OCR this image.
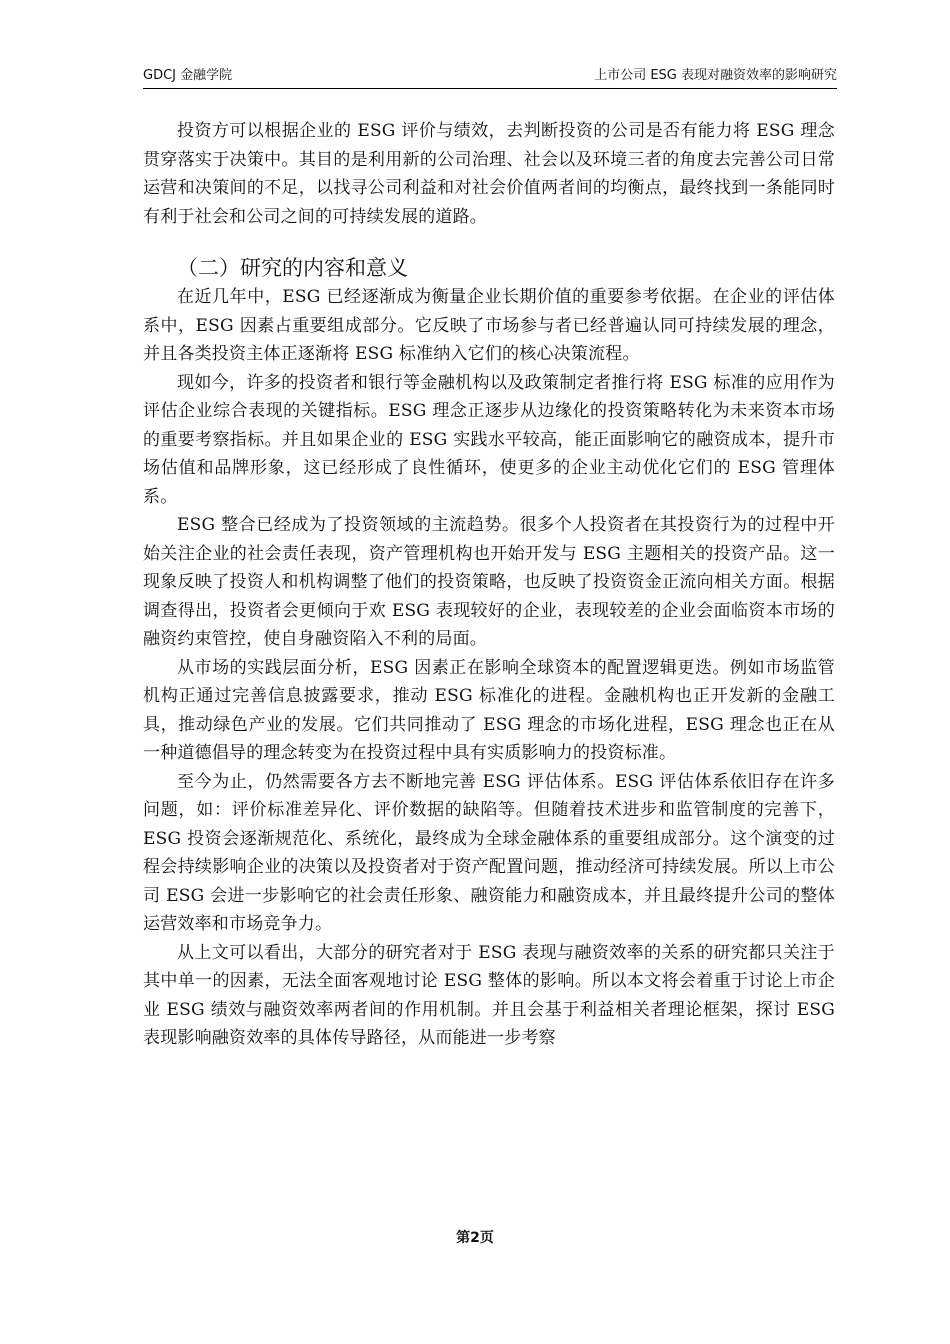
GDCJ 金融学院	上市公司 ESG 表现对融资效率的影响研究

投资方可以根据企业的 ESG 评价与绩效，去判断投资的公司是否有能力将 ESG 理念贯穿落实于决策中。其目的是利用新的公司治理、社会以及环境三者的角度去完善公司日常运营和决策间的不足，以找寻公司利益和对社会价值两者间的均衡点，最终找到一条能同时有利于社会和公司之间的可持续发展的道路。

（二）研究的内容和意义

在近几年中，ESG 已经逐渐成为衡量企业长期价值的重要参考依据。在企业的评估体系中，ESG 因素占重要组成部分。它反映了市场参与者已经普遍认同可持续发展的理念，并且各类投资主体正逐渐将 ESG 标准纳入它们的核心决策流程。

现如今，许多的投资者和银行等金融机构以及政策制定者推行将 ESG 标准的应用作为评估企业综合表现的关键指标。ESG 理念正逐步从边缘化的投资策略转化为未来资本市场的重要考察指标。并且如果企业的 ESG 实践水平较高，能正面影响它的融资成本，提升市场估值和品牌形象，这已经形成了良性循环，使更多的企业主动优化它们的 ESG 管理体系。

ESG 整合已经成为了投资领域的主流趋势。很多个人投资者在其投资行为的过程中开始关注企业的社会责任表现，资产管理机构也开始开发与 ESG 主题相关的投资产品。这一现象反映了投资人和机构调整了他们的投资策略，也反映了投资资金正流向相关方面。根据调查得出，投资者会更倾向于欢 ESG 表现较好的企业，表现较差的企业会面临资本市场的融资约束管控，使自身融资陷入不利的局面。

从市场的实践层面分析，ESG 因素正在影响全球资本的配置逻辑更迭。例如市场监管机构正通过完善信息披露要求，推动 ESG 标准化的进程。金融机构也正开发新的金融工具，推动绿色产业的发展。它们共同推动了 ESG 理念的市场化进程，ESG 理念也正在从一种道德倡导的理念转变为在投资过程中具有实质影响力的投资标准。

至今为止，仍然需要各方去不断地完善 ESG 评估体系。ESG 评估体系依旧存在许多问题，如：评价标准差异化、评价数据的缺陷等。但随着技术进步和监管制度的完善下，ESG 投资会逐渐规范化、系统化，最终成为全球金融体系的重要组成部分。这个演变的过程会持续影响企业的决策以及投资者对于资产配置问题，推动经济可持续发展。所以上市公司 ESG 会进一步影响它的社会责任形象、融资能力和融资成本，并且最终提升公司的整体运营效率和市场竞争力。

从上文可以看出，大部分的研究者对于 ESG 表现与融资效率的关系的研究都只关注于其中单一的因素，无法全面客观地讨论 ESG 整体的影响。所以本文将会着重于讨论上市企业 ESG 绩效与融资效率两者间的作用机制。并且会基于利益相关者理论框架，探讨 ESG 表现影响融资效率的具体传导路径，从而能进一步考察

第2页
